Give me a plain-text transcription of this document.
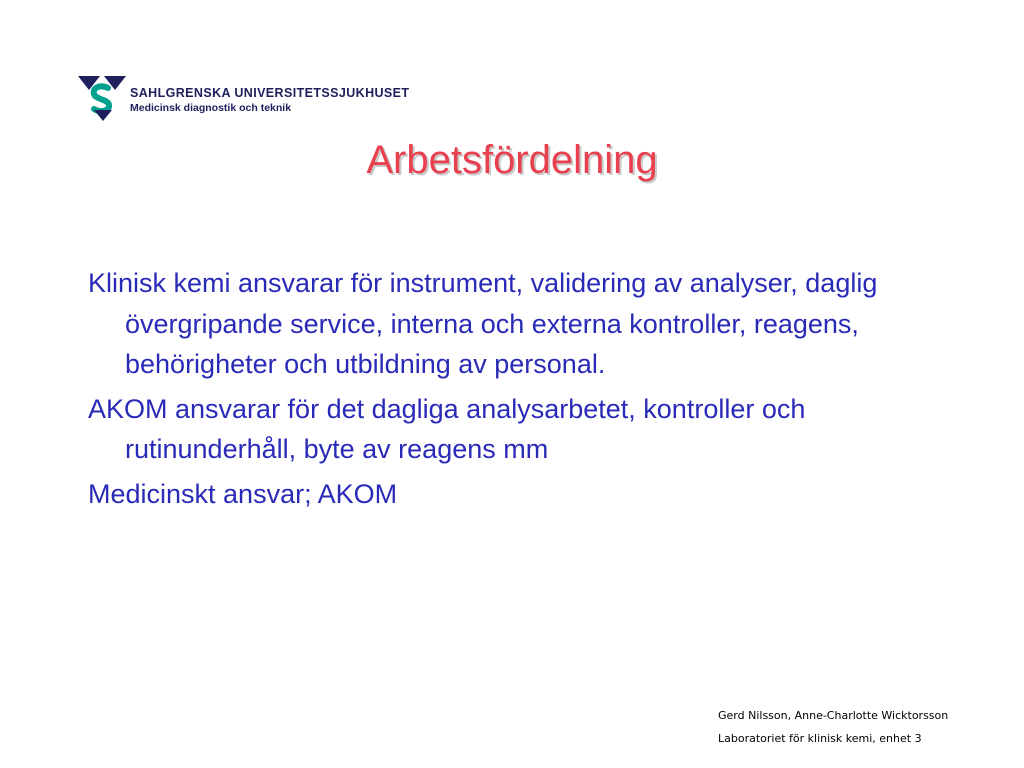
SAHLGRENSKA UNIVERSITETSSJUKHUSET
Medicinsk diagnostik och teknik
Arbetsfördelning
Klinisk kemi ansvarar för instrument, validering av analyser, daglig övergripande service, interna och externa kontroller, reagens, behörigheter och utbildning av personal.
AKOM ansvarar för det dagliga analysarbetet, kontroller och rutinunderhåll, byte av reagens mm
Medicinskt ansvar; AKOM
Gerd Nilsson, Anne-Charlotte Wicktorsson
Laboratoriet för klinisk kemi, enhet 3
